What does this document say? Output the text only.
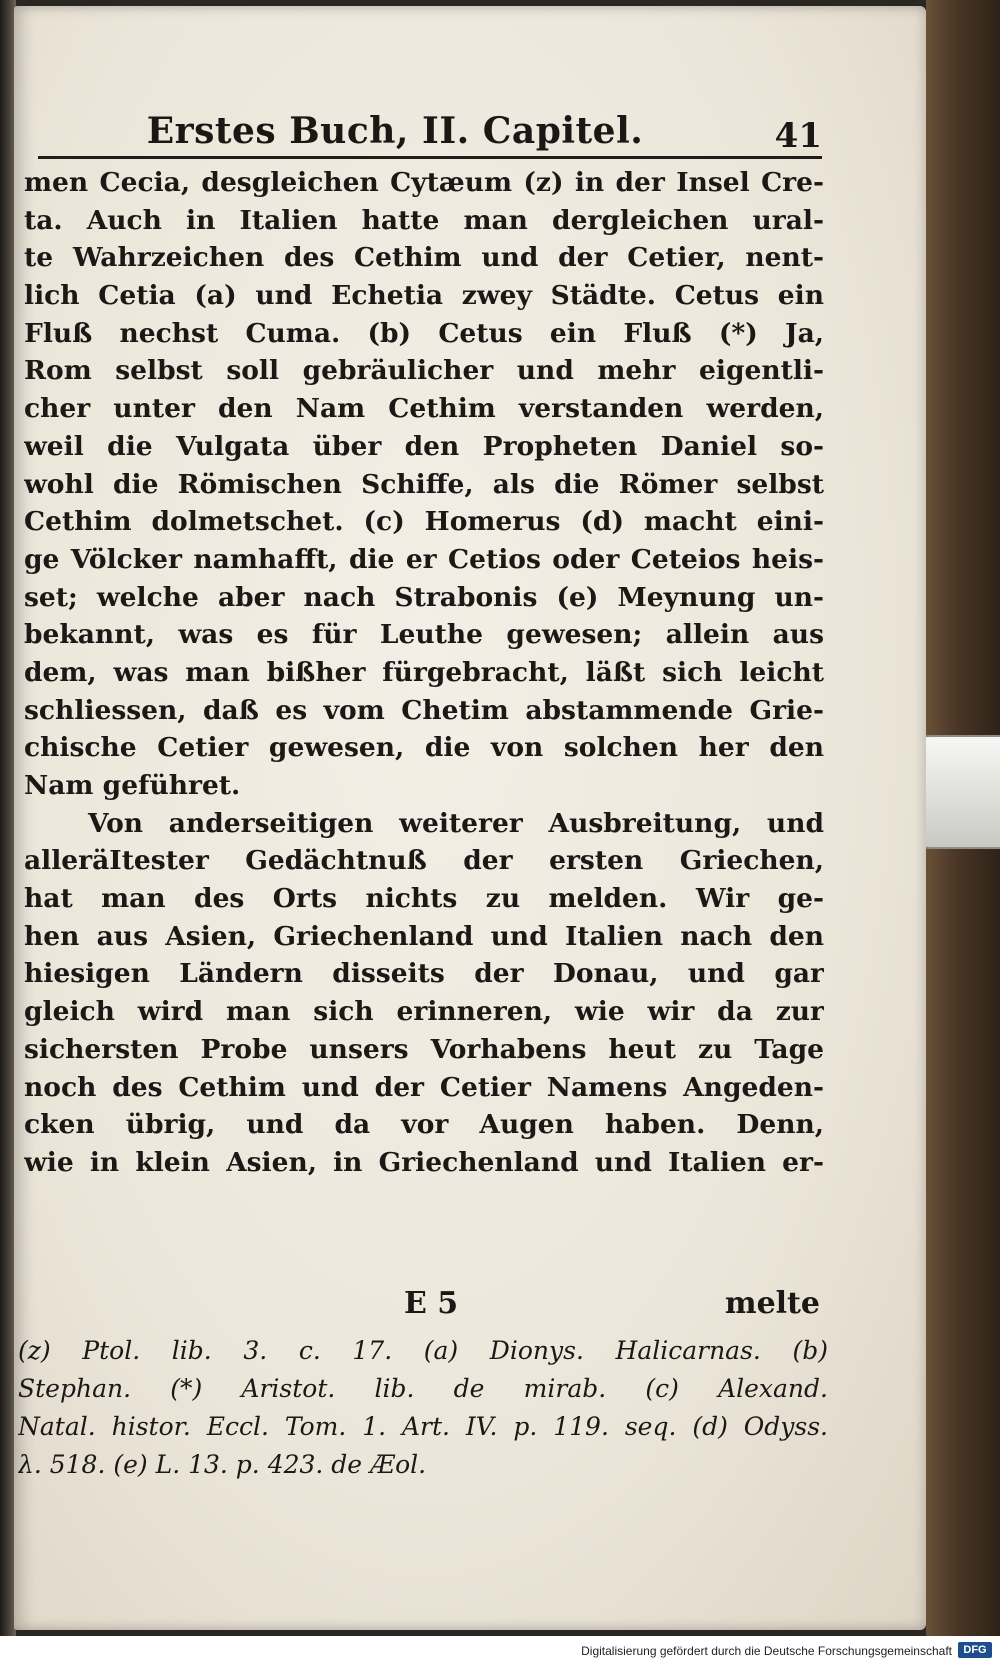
Erstes Buch, II. Capitel.	41
men Cecia, desgleichen Cytæum (z) in der Insel Cre-
ta. Auch in Italien hatte man dergleichen ural-
te Wahrzeichen des Cethim und der Cetier, nent-
lich Cetia (a) und Echetia zwey Städte. Cetus ein
Fluß nechst Cuma. (b) Cetus ein Fluß (*) Ja,
Rom selbst soll gebräulicher und mehr eigentli-
cher unter den Nam Cethim verstanden werden,
weil die Vulgata über den Propheten Daniel so-
wohl die Römischen Schiffe, als die Römer selbst
Cethim dolmetschet. (c) Homerus (d) macht eini-
ge Völcker namhafft, die er Cetios oder Ceteios heis-
set; welche aber nach Strabonis (e) Meynung un-
bekannt, was es für Leuthe gewesen; allein aus
dem, was man bißher fürgebracht, läßt sich leicht
schliessen, daß es vom Chetim abstammende Grie-
chische Cetier gewesen, die von solchen her den
Nam geführet.
Von anderseitigen weiterer Ausbreitung, und
alleräItester Gedächtnuß der ersten Griechen,
hat man des Orts nichts zu melden. Wir ge-
hen aus Asien, Griechenland und Italien nach den
hiesigen Ländern disseits der Donau, und gar
gleich wird man sich erinneren, wie wir da zur
sichersten Probe unsers Vorhabens heut zu Tage
noch des Cethim und der Cetier Namens Angeden-
cken übrig, und da vor Augen haben. Denn,
wie in klein Asien, in Griechenland und Italien er-
E 5	melte
(z) Ptol. lib. 3. c. 17. (a) Dionys. Halicarnas. (b)
Stephan. (*) Aristot. lib. de mirab. (c) Alexand.
Natal. histor. Eccl. Tom. 1. Art. IV. p. 119. seq. (d) Odyss.
λ. 518. (e) L. 13. p. 423. de Æol.
Digitalisierung gefördert durch die Deutsche Forschungsgemeinschaft	DFG
